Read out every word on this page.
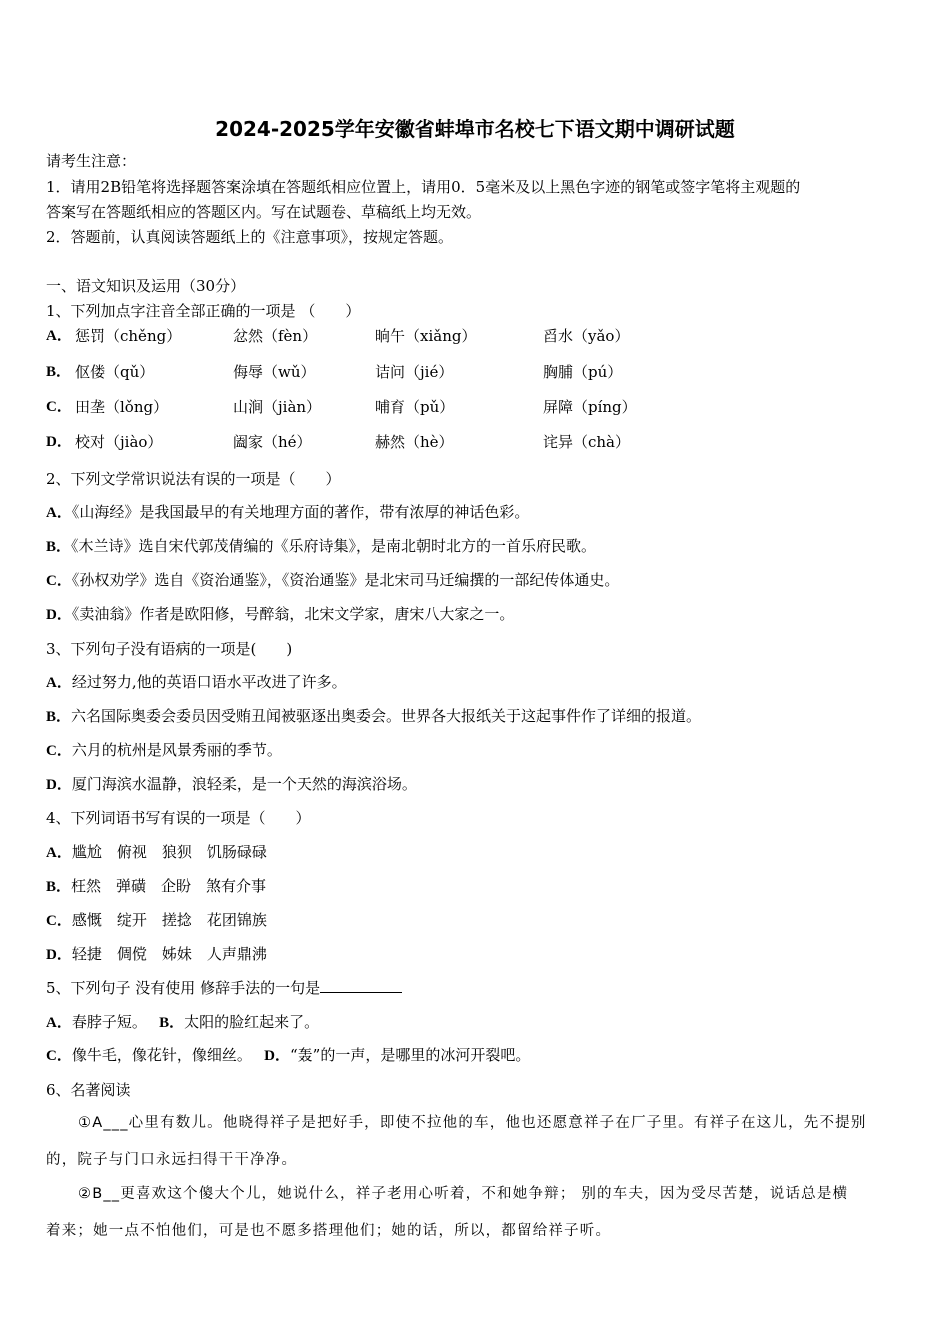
2024-2025学年安徽省蚌埠市名校七下语文期中调研试题
请考生注意：
1．请用2B铅笔将选择题答案涂填在答题纸相应位置上，请用0．5毫米及以上黑色字迹的钢笔或签字笔将主观题的
答案写在答题纸相应的答题区内。写在试题卷、草稿纸上均无效。
2．答题前，认真阅读答题纸上的《注意事项》，按规定答题。
一、语文知识及运用（30分）
1、下列加点字注音全部正确的一项是 （　　）
A． 惩罚（chěng）	忿然（fèn）	晌午（xiǎng）	舀水（yǎo）
B． 伛偻（qǔ）	侮辱（wǔ）	诘问（jié）	胸脯（pú）
C． 田垄（lǒng）	山涧（jiàn）	哺育（pǔ）	屏障（píng）
D． 校对（jiào）	阖家（hé）	赫然（hè）	诧异（chà）
2、下列文学常识说法有误的一项是（　　）
A．《山海经》是我国最早的有关地理方面的著作，带有浓厚的神话色彩。
B．《木兰诗》选自宋代郭茂倩编的《乐府诗集》，是南北朝时北方的一首乐府民歌。
C．《孙权劝学》选自《资治通鉴》，《资治通鉴》是北宋司马迁编撰的一部纪传体通史。
D．《卖油翁》作者是欧阳修，号醉翁，北宋文学家，唐宋八大家之一。
3、下列句子没有语病的一项是(　　)
A．经过努力,他的英语口语水平改进了许多。
B．六名国际奥委会委员因受贿丑闻被驱逐出奥委会。世界各大报纸关于这起事件作了详细的报道。
C．六月的杭州是风景秀丽的季节。
D．厦门海滨水温静，浪轻柔，是一个天然的海滨浴场。
4、下列词语书写有误的一项是（　　）
A．尴尬　俯视　狼狈　饥肠碌碌
B．枉然　弹磺　企盼　煞有介事
C．感慨　绽开　搓捻　花团锦族
D．轻捷　倜傥　姊妹　人声鼎沸
5、下列句子 没有使用 修辞手法的一句是
A．春脖子短。　 B．太阳的脸红起来了。
C．像牛毛，像花针，像细丝。　 D．“轰”的一声，是哪里的冰河开裂吧。
6、名著阅读
①A___心里有数儿。他晓得祥子是把好手，即使不拉他的车，他也还愿意祥子在厂子里。有祥子在这儿，先不提别
的，院子与门口永远扫得干干净净。
②B__更喜欢这个傻大个儿，她说什么，祥子老用心听着，不和她争辩； 别的车夫，因为受尽苦楚，说话总是横
着来；她一点不怕他们，可是也不愿多搭理他们；她的话，所以，都留给祥子听。
